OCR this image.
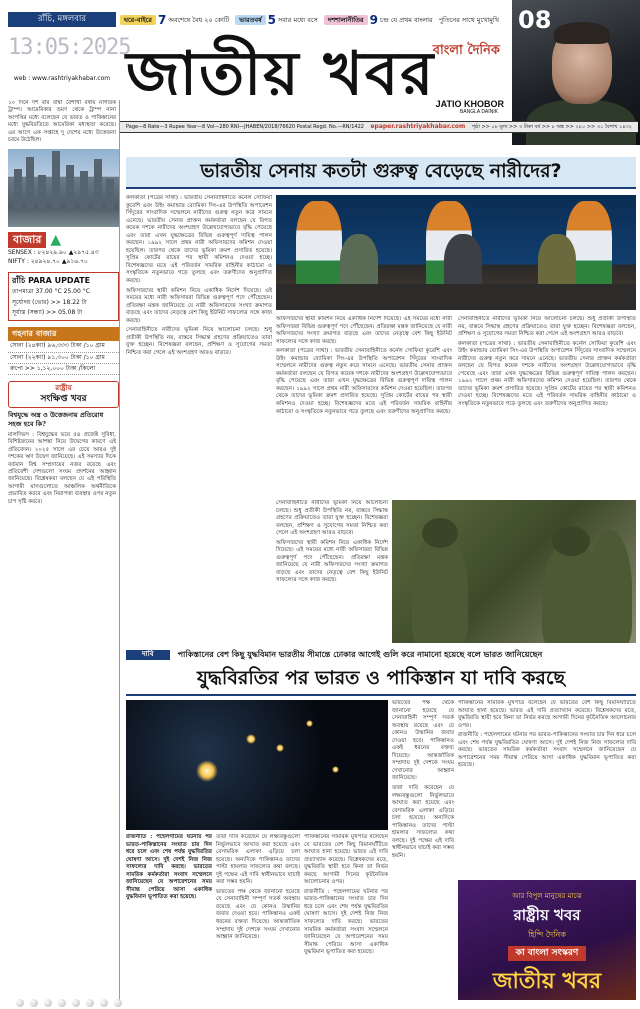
ঘরে-বাইরে 7 অবশেষে বৈধ ২০ কোটি	ভারতবর্ষ 5 সবার মধ্যে বসে	দশশালানীতির 9 চন্দ্র যে প্রথম বাংলার পুতিনের সাথে মুখোমুখি
রাঁচি, মঙ্গলবার
13:05:2025
web : www.rashtriyakhabar.com
বাংলা দৈনিক
জাতীয় খবর JATIO KHOBOR
BANGLA DAINIK
08
Page—8 Rate—3 Rupee Year—8 Vol—280 RNI—JHABEN/2018/76620 Postal Regd. No.—RN/1422 epaper.rashtriyakhabar.com পৃষ্ঠা >> ০৮ মূল্য >> ৩ টাকা বর্ষ >> ৮ অঙ্ক >> ২৮০ >> ৩১ বৈশাখ ১৪৩২

১০ দিনে দশ বার বাম্বা বৈশাখী বর্ষায় নাগরিক ট্রাম্প। আমেরিকার ভ্রমণ থেকে ট্রাম্প নানা আপত্তির মধ্যে বলেছেন যে ভারত ও পাকিস্তানের মধ্যে যুদ্ধবিরতিতে আমেরিকা মধ্যস্থতা করেছে। এর আগে এক সপ্তাহে দু দেশের মধ্যে উত্তেজনা চরমে উঠেছিল।

বাজার ▲
SENSEX : ৮২৪২৯.৯০ ▲২৯৭৫.৪৩
NIFTY : ২৪৯২৪.৭০ ▲৯১৬.৭০
রাঁচি PARA UPDATE
তাপমাত্রা 37.00 °C 25.00 °C
সূর্যোদয় (ভোর) >> 18.22 টা
সূর্যাস্ত (সন্ধ্যা) >> 05.08 টা
গহনার বাজার
সোনা (২৪ক্যা) ৯৬,৩৩৩ টাকা /১০ গ্রাম
সোনা (২২ক্যা) ৯১,৩০০ টাকা /১০ গ্রাম
রুপো >> ১,১২,০০০ টাকা /কিলো
রাষ্ট্রীয়
সংক্ষিপ্ত খবর
বিশ্বযুদ্ধে অস্ত্র ও উত্তেজনায় প্রতিরোধ সহজ হবে কি?

মালদিভস : বিশ্বযুদ্ধের ভয়ে ৫৪ প্রজেক্ট সুবিধা, বিশিষ্টজনের আশঙ্কা নিয়ে উদ্বেগের কারণে এই প্রতিবেদন। ২০২৫ সালে এর চেয়ে আরও দুই দশকের ঋণ উদ্বেগ জানিয়েছে। এই সমস্যার দিকে বর্তমান বিশ্ব সম্প্রদায়ের নজর রয়েছে এবং প্রতিবেশী দেশগুলো সংযম প্রদর্শনের আহ্বান জানিয়েছে। বিশ্লেষকরা বলছেন যে এই পরিস্থিতি আগামী মাসগুলোতে আঞ্চলিক অর্থনীতিকে প্রভাবিত করবে এবং নিরাপত্তা ব্যবস্থার ওপর নতুন চাপ সৃষ্টি করবে।

ভারতীয় সেনায় কতটা গুরুত্ব বেড়েছে নারীদের?

কলকাতা (পত্রের সাথা) : ভারতীয় সেনাবাহিনীতে কর্নেল সোফিয়া কুরেশি এবং উইং কমান্ডার ব্যোমিকা সিং-এর উপস্থিতি অপারেশন সিঁদুরের সাংবাদিক সম্মেলনে নারীদের গুরুত্ব নতুন করে সামনে এনেছে। ভারতীয় সেনার প্রাক্তন কর্মকর্তারা বলছেন যে বিগত কয়েক দশকে নারীদের অংশগ্রহণ উল্লেখযোগ্যভাবে বৃদ্ধি পেয়েছে এবং তারা এখন যুদ্ধক্ষেত্রের বিভিন্ন গুরুত্বপূর্ণ দায়িত্ব পালন করছেন। ১৯৯২ সালে প্রথম নারী অফিসারদের কমিশন দেওয়া হয়েছিল। তারপর থেকে তাদের ভূমিকা ক্রমশ প্রসারিত হয়েছে। সুপ্রিম কোর্টের রায়ের পর স্থায়ী কমিশনও দেওয়া হচ্ছে। বিশেষজ্ঞদের মতে এই পরিবর্তন সামরিক বাহিনীর কাঠামো ও সংস্কৃতিকে নতুনভাবে গড়ে তুলছে এবং তরুণীদের অনুপ্রাণিত করছে।

অফিসারদের স্থায়ী কমিশন নিয়ে একাধিক নির্দেশ দিয়েছে। এই সময়ের মধ্যে নারী অফিসাররা বিভিন্ন গুরুত্বপূর্ণ পদে পৌঁছেছেন। প্রতিরক্ষা মন্ত্রক জানিয়েছে যে নারী অফিসারদের সংখ্যা ক্রমাগত বাড়ছে এবং তাদের নেতৃত্বে বেশ কিছু ইউনিট সাফল্যের সঙ্গে কাজ করছে।

সেনাবাহিনীতে নারীদের ভূমিকা নিয়ে আলোচনা চলছে। শুধু প্রতীকী উপস্থিতি নয়, বাস্তবে সিদ্ধান্ত গ্রহণের প্রক্রিয়াতেও তারা যুক্ত হচ্ছেন। বিশেষজ্ঞরা বলছেন, প্রশিক্ষণ ও সুযোগের সমতা নিশ্চিত করা গেলে এই অংশগ্রহণ আরও বাড়বে।

অফিসারদের স্থায়ী কমিশন নিয়ে একাধিক নির্দেশ দিয়েছে। এই সময়ের মধ্যে নারী অফিসাররা বিভিন্ন গুরুত্বপূর্ণ পদে পৌঁছেছেন। প্রতিরক্ষা মন্ত্রক জানিয়েছে যে নারী অফিসারদের সংখ্যা ক্রমাগত বাড়ছে এবং তাদের নেতৃত্বে বেশ কিছু ইউনিট সাফল্যের সঙ্গে কাজ করছে।

কলকাতা (পত্রের সাথা) : ভারতীয় সেনাবাহিনীতে কর্নেল সোফিয়া কুরেশি এবং উইং কমান্ডার ব্যোমিকা সিং-এর উপস্থিতি অপারেশন সিঁদুরের সাংবাদিক সম্মেলনে নারীদের গুরুত্ব নতুন করে সামনে এনেছে। ভারতীয় সেনার প্রাক্তন কর্মকর্তারা বলছেন যে বিগত কয়েক দশকে নারীদের অংশগ্রহণ উল্লেখযোগ্যভাবে বৃদ্ধি পেয়েছে এবং তারা এখন যুদ্ধক্ষেত্রের বিভিন্ন গুরুত্বপূর্ণ দায়িত্ব পালন করছেন। ১৯৯২ সালে প্রথম নারী অফিসারদের কমিশন দেওয়া হয়েছিল। তারপর থেকে তাদের ভূমিকা ক্রমশ প্রসারিত হয়েছে। সুপ্রিম কোর্টের রায়ের পর স্থায়ী কমিশনও দেওয়া হচ্ছে। বিশেষজ্ঞদের মতে এই পরিবর্তন সামরিক বাহিনীর কাঠামো ও সংস্কৃতিকে নতুনভাবে গড়ে তুলছে এবং তরুণীদের অনুপ্রাণিত করছে।

সেনাবাহিনীতে নারীদের ভূমিকা নিয়ে আলোচনা চলছে। শুধু প্রতীকী উপস্থিতি নয়, বাস্তবে সিদ্ধান্ত গ্রহণের প্রক্রিয়াতেও তারা যুক্ত হচ্ছেন। বিশেষজ্ঞরা বলছেন, প্রশিক্ষণ ও সুযোগের সমতা নিশ্চিত করা গেলে এই অংশগ্রহণ আরও বাড়বে।

কলকাতা (পত্রের সাথা) : ভারতীয় সেনাবাহিনীতে কর্নেল সোফিয়া কুরেশি এবং উইং কমান্ডার ব্যোমিকা সিং-এর উপস্থিতি অপারেশন সিঁদুরের সাংবাদিক সম্মেলনে নারীদের গুরুত্ব নতুন করে সামনে এনেছে। ভারতীয় সেনার প্রাক্তন কর্মকর্তারা বলছেন যে বিগত কয়েক দশকে নারীদের অংশগ্রহণ উল্লেখযোগ্যভাবে বৃদ্ধি পেয়েছে এবং তারা এখন যুদ্ধক্ষেত্রের বিভিন্ন গুরুত্বপূর্ণ দায়িত্ব পালন করছেন। ১৯৯২ সালে প্রথম নারী অফিসারদের কমিশন দেওয়া হয়েছিল। তারপর থেকে তাদের ভূমিকা ক্রমশ প্রসারিত হয়েছে। সুপ্রিম কোর্টের রায়ের পর স্থায়ী কমিশনও দেওয়া হচ্ছে। বিশেষজ্ঞদের মতে এই পরিবর্তন সামরিক বাহিনীর কাঠামো ও সংস্কৃতিকে নতুনভাবে গড়ে তুলছে এবং তরুণীদের অনুপ্রাণিত করছে।

সেনাবাহিনীতে নারীদের ভূমিকা নিয়ে আলোচনা চলছে। শুধু প্রতীকী উপস্থিতি নয়, বাস্তবে সিদ্ধান্ত গ্রহণের প্রক্রিয়াতেও তারা যুক্ত হচ্ছেন। বিশেষজ্ঞরা বলছেন, প্রশিক্ষণ ও সুযোগের সমতা নিশ্চিত করা গেলে এই অংশগ্রহণ আরও বাড়বে।

অফিসারদের স্থায়ী কমিশন নিয়ে একাধিক নির্দেশ দিয়েছে। এই সময়ের মধ্যে নারী অফিসাররা বিভিন্ন গুরুত্বপূর্ণ পদে পৌঁছেছেন। প্রতিরক্ষা মন্ত্রক জানিয়েছে যে নারী অফিসারদের সংখ্যা ক্রমাগত বাড়ছে এবং তাদের নেতৃত্বে বেশ কিছু ইউনিট সাফল্যের সঙ্গে কাজ করছে।

দাবি	পাকিস্তানের বেশ কিছু যুদ্ধবিমান ভারতীয় সীমান্তে ঢোকার আগেই গুলি করে নামানো হয়েছে বলে ভারত জানিয়েছেন
যুদ্ধবিরতির পর ভারত ও পাকিস্তান যা দাবি করছে

ভারতের পক্ষ থেকে জানানো হয়েছে যে সেনাবাহিনী সম্পূর্ণ সতর্ক অবস্থায় রয়েছে এবং যে কোনও উস্কানির জবাব দেওয়া হবে। পাকিস্তানও একই ধরনের বক্তব্য দিয়েছে। আন্তর্জাতিক সম্প্রদায় দুই দেশকে সংযম দেখানোর আহ্বান জানিয়েছে।

তারা দাবি করেছেন যে লক্ষ্যবস্তুগুলো নির্ভুলভাবে আঘাত করা হয়েছে এবং বেসামরিক এলাকা এড়িয়ে চলা হয়েছে। অন্যদিকে পাকিস্তানও তাদের পাল্টা হামলার সাফল্যের কথা বলছে। দুই পক্ষের এই দাবি স্বাধীনভাবে যাচাই করা সম্ভব হয়নি।

পাকিস্তানের সামরিক মুখপাত্র বলেছেন যে ভারতের বেশ কিছু বিমানঘাঁটিতে আঘাত হানা হয়েছে। ভারত এই দাবি প্রত্যাখ্যান করেছে। বিশ্লেষকদের মতে, যুদ্ধবিরতি স্থায়ী হবে কিনা তা নির্ভর করছে আগামী দিনের কূটনৈতিক আলোচনার ওপর।

রাজনীতি : পহেলগামের ঘটনার পর ভারত-পাকিস্তানের সংঘাত চার দিন ধরে চলে এবং শেষ পর্যন্ত যুদ্ধবিরতির ঘোষণা আসে। দুই দেশই নিজ নিজ সাফল্যের দাবি করছে। ভারতের সামরিক কর্মকর্তারা সংবাদ সম্মেলনে জানিয়েছেন যে অপারেশনের সময় সীমান্ত পেরিয়ে আসা একাধিক যুদ্ধবিমান ভূপাতিত করা হয়েছে।

রাজনীতি : পহেলগামের ঘটনার পর ভারত-পাকিস্তানের সংঘাত চার দিন ধরে চলে এবং শেষ পর্যন্ত যুদ্ধবিরতির ঘোষণা আসে। দুই দেশই নিজ নিজ সাফল্যের দাবি করছে। ভারতের সামরিক কর্মকর্তারা সংবাদ সম্মেলনে জানিয়েছেন যে অপারেশনের সময় সীমান্ত পেরিয়ে আসা একাধিক যুদ্ধবিমান ভূপাতিত করা হয়েছে।

তারা দাবি করেছেন যে লক্ষ্যবস্তুগুলো নির্ভুলভাবে আঘাত করা হয়েছে এবং বেসামরিক এলাকা এড়িয়ে চলা হয়েছে। অন্যদিকে পাকিস্তানও তাদের পাল্টা হামলার সাফল্যের কথা বলছে। দুই পক্ষের এই দাবি স্বাধীনভাবে যাচাই করা সম্ভব হয়নি।

ভারতের পক্ষ থেকে জানানো হয়েছে যে সেনাবাহিনী সম্পূর্ণ সতর্ক অবস্থায় রয়েছে এবং যে কোনও উস্কানির জবাব দেওয়া হবে। পাকিস্তানও একই ধরনের বক্তব্য দিয়েছে। আন্তর্জাতিক সম্প্রদায় দুই দেশকে সংযম দেখানোর আহ্বান জানিয়েছে।

পাকিস্তানের সামরিক মুখপাত্র বলেছেন যে ভারতের বেশ কিছু বিমানঘাঁটিতে আঘাত হানা হয়েছে। ভারত এই দাবি প্রত্যাখ্যান করেছে। বিশ্লেষকদের মতে, যুদ্ধবিরতি স্থায়ী হবে কিনা তা নির্ভর করছে আগামী দিনের কূটনৈতিক আলোচনার ওপর।

রাজনীতি : পহেলগামের ঘটনার পর ভারত-পাকিস্তানের সংঘাত চার দিন ধরে চলে এবং শেষ পর্যন্ত যুদ্ধবিরতির ঘোষণা আসে। দুই দেশই নিজ নিজ সাফল্যের দাবি করছে। ভারতের সামরিক কর্মকর্তারা সংবাদ সম্মেলনে জানিয়েছেন যে অপারেশনের সময় সীমান্ত পেরিয়ে আসা একাধিক যুদ্ধবিমান ভূপাতিত করা হয়েছে।

আর বিপুল মানুষের মাঝে
রাষ্ট্রীয় খবর
হিন্দি দৈনিক
কা বাংলা সংস্করণ
জাতীয় খবর
